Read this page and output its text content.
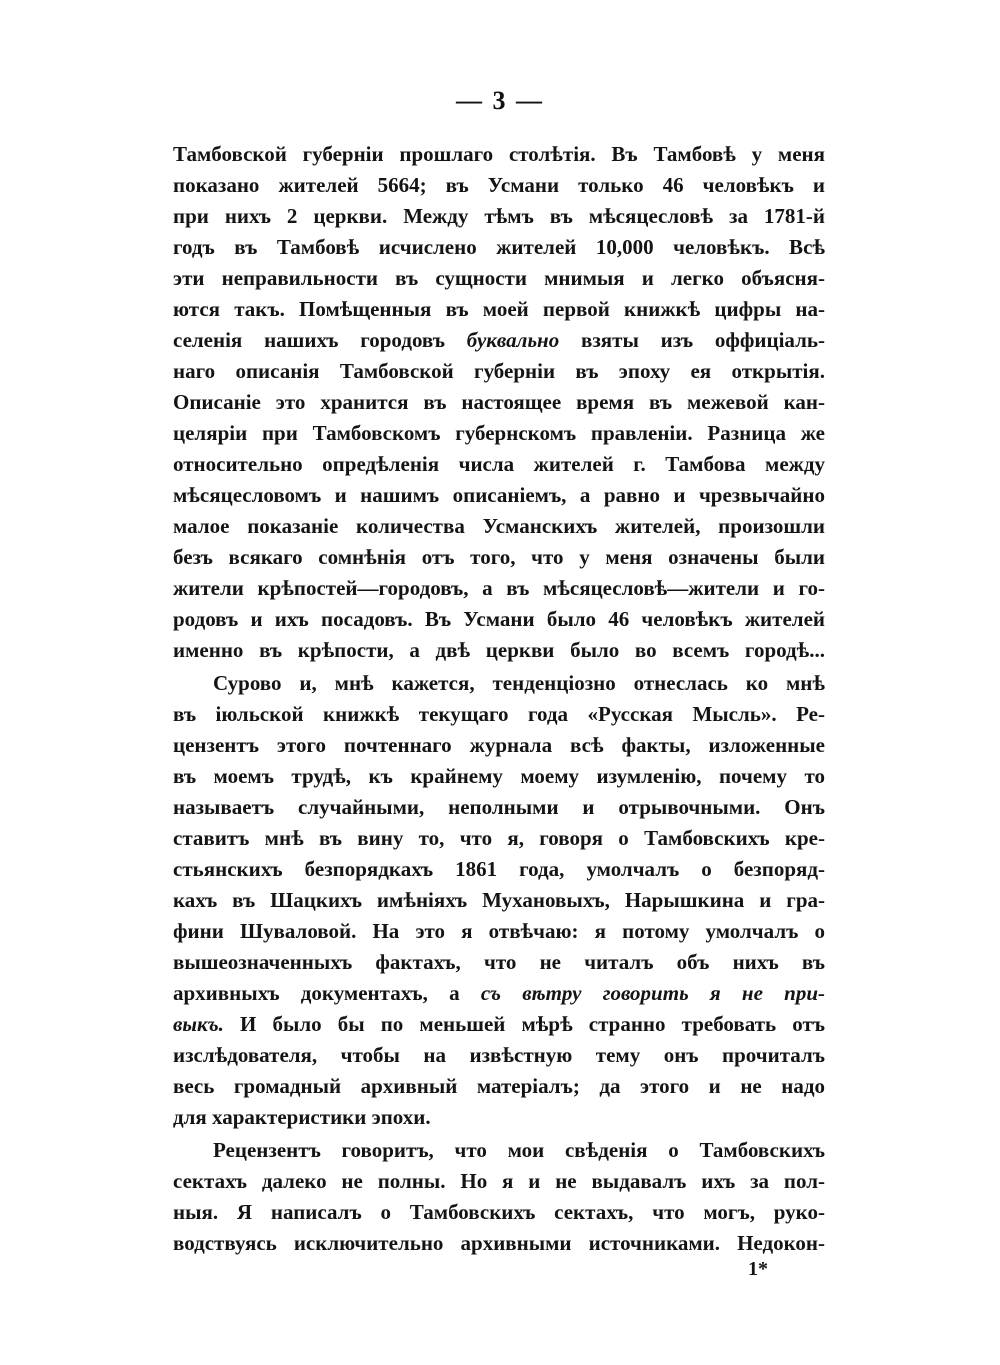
— 3 —
Тамбовской губерніи прошлаго столѣтія. Въ Тамбовѣ у меня
показано жителей 5664; въ Усмани только 46 человѣкъ и
при нихъ 2 церкви. Между тѣмъ въ мѣсяцесловѣ за 1781-й
годъ въ Тамбовѣ исчислено жителей 10,000 человѣкъ. Всѣ
эти неправильности въ сущности мнимыя и легко объясня-
ются такъ. Помѣщенныя въ моей первой книжкѣ цифры на-
селенія нашихъ городовъ буквально взяты изъ оффиціаль-
наго описанія Тамбовской губерніи въ эпоху ея открытія.
Описаніе это хранится въ настоящее время въ межевой кан-
целяріи при Тамбовскомъ губернскомъ правленіи. Разница же
относительно опредѣленія числа жителей г. Тамбова между
мѣсяцесловомъ и нашимъ описаніемъ, а равно и чрезвычайно
малое показаніе количества Усманскихъ жителей, произошли
безъ всякаго сомнѣнія отъ того, что у меня означены были
жители крѣпостей—городовъ, а въ мѣсяцесловѣ—жители и го-
родовъ и ихъ посадовъ. Въ Усмани было 46 человѣкъ жителей
именно въ крѣпости, а двѣ церкви было во всемъ городѣ...
Сурово и, мнѣ кажется, тенденціозно отнеслась ко мнѣ
въ іюльской книжкѣ текущаго года «Русская Мысль». Ре-
цензентъ этого почтеннаго журнала всѣ факты, изложенные
въ моемъ трудѣ, къ крайнему моему изумленію, почему то
называетъ случайными, неполными и отрывочными. Онъ
ставитъ мнѣ въ вину то, что я, говоря о Тамбовскихъ кре-
стьянскихъ безпорядкахъ 1861 года, умолчалъ о безпоряд-
кахъ въ Шацкихъ имѣніяхъ Мухановыхъ, Нарышкина и гра-
фини Шуваловой. На это я отвѣчаю: я потому умолчалъ о
вышеозначенныхъ фактахъ, что не читалъ объ нихъ въ
архивныхъ документахъ, а съ вѣтру говорить я не при-
выкъ. И было бы по меньшей мѣрѣ странно требовать отъ
изслѣдователя, чтобы на извѣстную тему онъ прочиталъ
весь громадный архивный матеріалъ; да этого и не надо
для характеристики эпохи.
Рецензентъ говоритъ, что мои свѣденія о Тамбовскихъ
сектахъ далеко не полны. Но я и не выдавалъ ихъ за пол-
ныя. Я написалъ о Тамбовскихъ сектахъ, что могъ, руко-
водствуясь исключительно архивными источниками. Недокон-
1*
